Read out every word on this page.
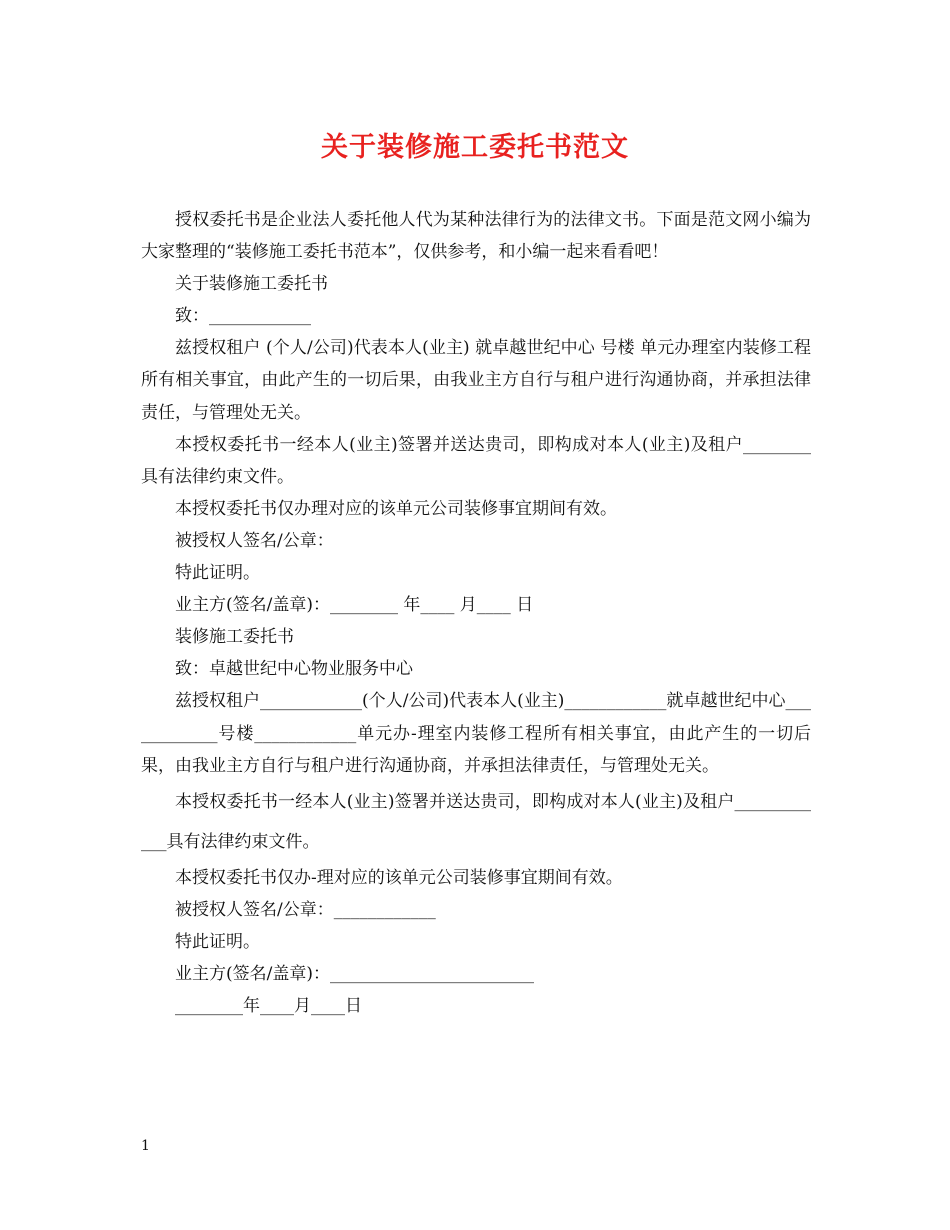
关于装修施工委托书范文

授权委托书是企业法人委托他人代为某种法律行为的法律文书。下面是范文网小编为大家整理的“装修施工委托书范本”，仅供参考，和小编一起来看看吧！

关于装修施工委托书

致：____________

兹授权租户 (个人/公司)代表本人(业主) 就卓越世纪中心 号楼 单元办理室内装修工程所有相关事宜，由此产生的一切后果，由我业主方自行与租户进行沟通协商，并承担法律责任，与管理处无关。

本授权委托书一经本人(业主)签署并送达贵司，即构成对本人(业主)及租户________具有法律约束文件。

本授权委托书仅办理对应的该单元公司装修事宜期间有效。

被授权人签名/公章：

特此证明。

业主方(签名/盖章)：________ 年____ 月____ 日

装修施工委托书

致：卓越世纪中心物业服务中心

兹授权租户____________(个人/公司)代表本人(业主)____________就卓越世纪中心____________号楼____________单元办-理室内装修工程所有相关事宜，由此产生的一切后果，由我业主方自行与租户进行沟通协商，并承担法律责任，与管理处无关。

本授权委托书一经本人(业主)签署并送达贵司，即构成对本人(业主)及租户____________具有法律约束文件。

本授权委托书仅办-理对应的该单元公司装修事宜期间有效。

被授权人签名/公章：____________

特此证明。

业主方(签名/盖章)：________________________

________年____月____日

1
